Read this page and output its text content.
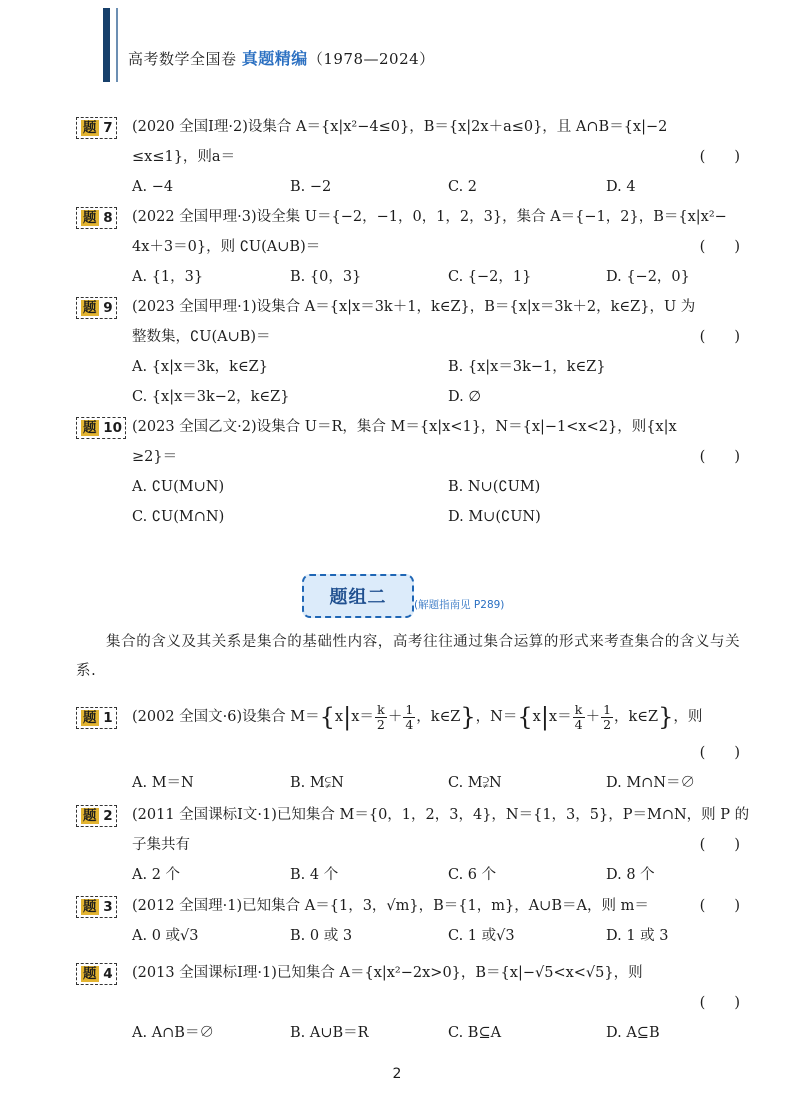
高考数学全国卷 真题精编（1978—2024）
题 7 (2020 全国Ⅰ理·2)设集合 A＝{x|x²−4≤0}，B＝{x|2x＋a≤0}，且 A∩B＝{x|−2
≤x≤1}，则a＝	(　　)
A. −4	B. −2	C. 2	D. 4
题 8 (2022 全国甲理·3)设全集 U＝{−2，−1，0，1，2，3}，集合 A＝{−1，2}，B＝{x|x²−
4x＋3＝0}，则 ∁U(A∪B)＝	(　　)
A. {1，3}	B. {0，3}	C. {−2，1}	D. {−2，0}
题 9 (2023 全国甲理·1)设集合 A＝{x|x＝3k＋1，k∈Z}，B＝{x|x＝3k＋2，k∈Z}，U 为
整数集，∁U(A∪B)＝	(　　)
A. {x|x＝3k，k∈Z}	B. {x|x＝3k−1，k∈Z}
C. {x|x＝3k−2，k∈Z}	D. ∅
题 10 (2023 全国乙文·2)设集合 U＝R，集合 M＝{x|x<1}，N＝{x|−1<x<2}，则{x|x
≥2}＝	(　　)
A. ∁U(M∪N)	B. N∪(∁UM)
C. ∁U(M∩N)	D. M∪(∁UN)
题组二	(解题指南见 P289)
集合的含义及其关系是集合的基础性内容，高考往往通过集合运算的形式来考查集合的含义与关系.
题 1 (2002 全国文·6)设集合 $M=\{x|x= \frac{k}{2} + \frac{1}{4}$ ，k∈Z}，$N=\{x|x= \frac{k}{4} + \frac{1}{2}$ ，k∈Z}，则
(　　)
A. M＝N	B. M⫋N	C. M⫌N	D. M∩N＝∅
题 2 (2011 全国课标Ⅰ文·1)已知集合 M＝{0，1，2，3，4}，N＝{1，3，5}，P＝M∩N，则 P 的
子集共有	(　　)
A. 2 个	B. 4 个	C. 6 个	D. 8 个
题 3 (2012 全国理·1)已知集合 A＝{1，3，√m}，B＝{1，m}，A∪B＝A，则 m＝	(　　)
A. 0 或√3	B. 0 或 3	C. 1 或√3	D. 1 或 3
题 4 (2013 全国课标Ⅰ理·1)已知集合 A＝{x|x²−2x>0}，B＝{x|−√5<x<√5}，则
(　　)
A. A∩B＝∅	B. A∪B＝R	C. B⊆A	D. A⊆B
2
